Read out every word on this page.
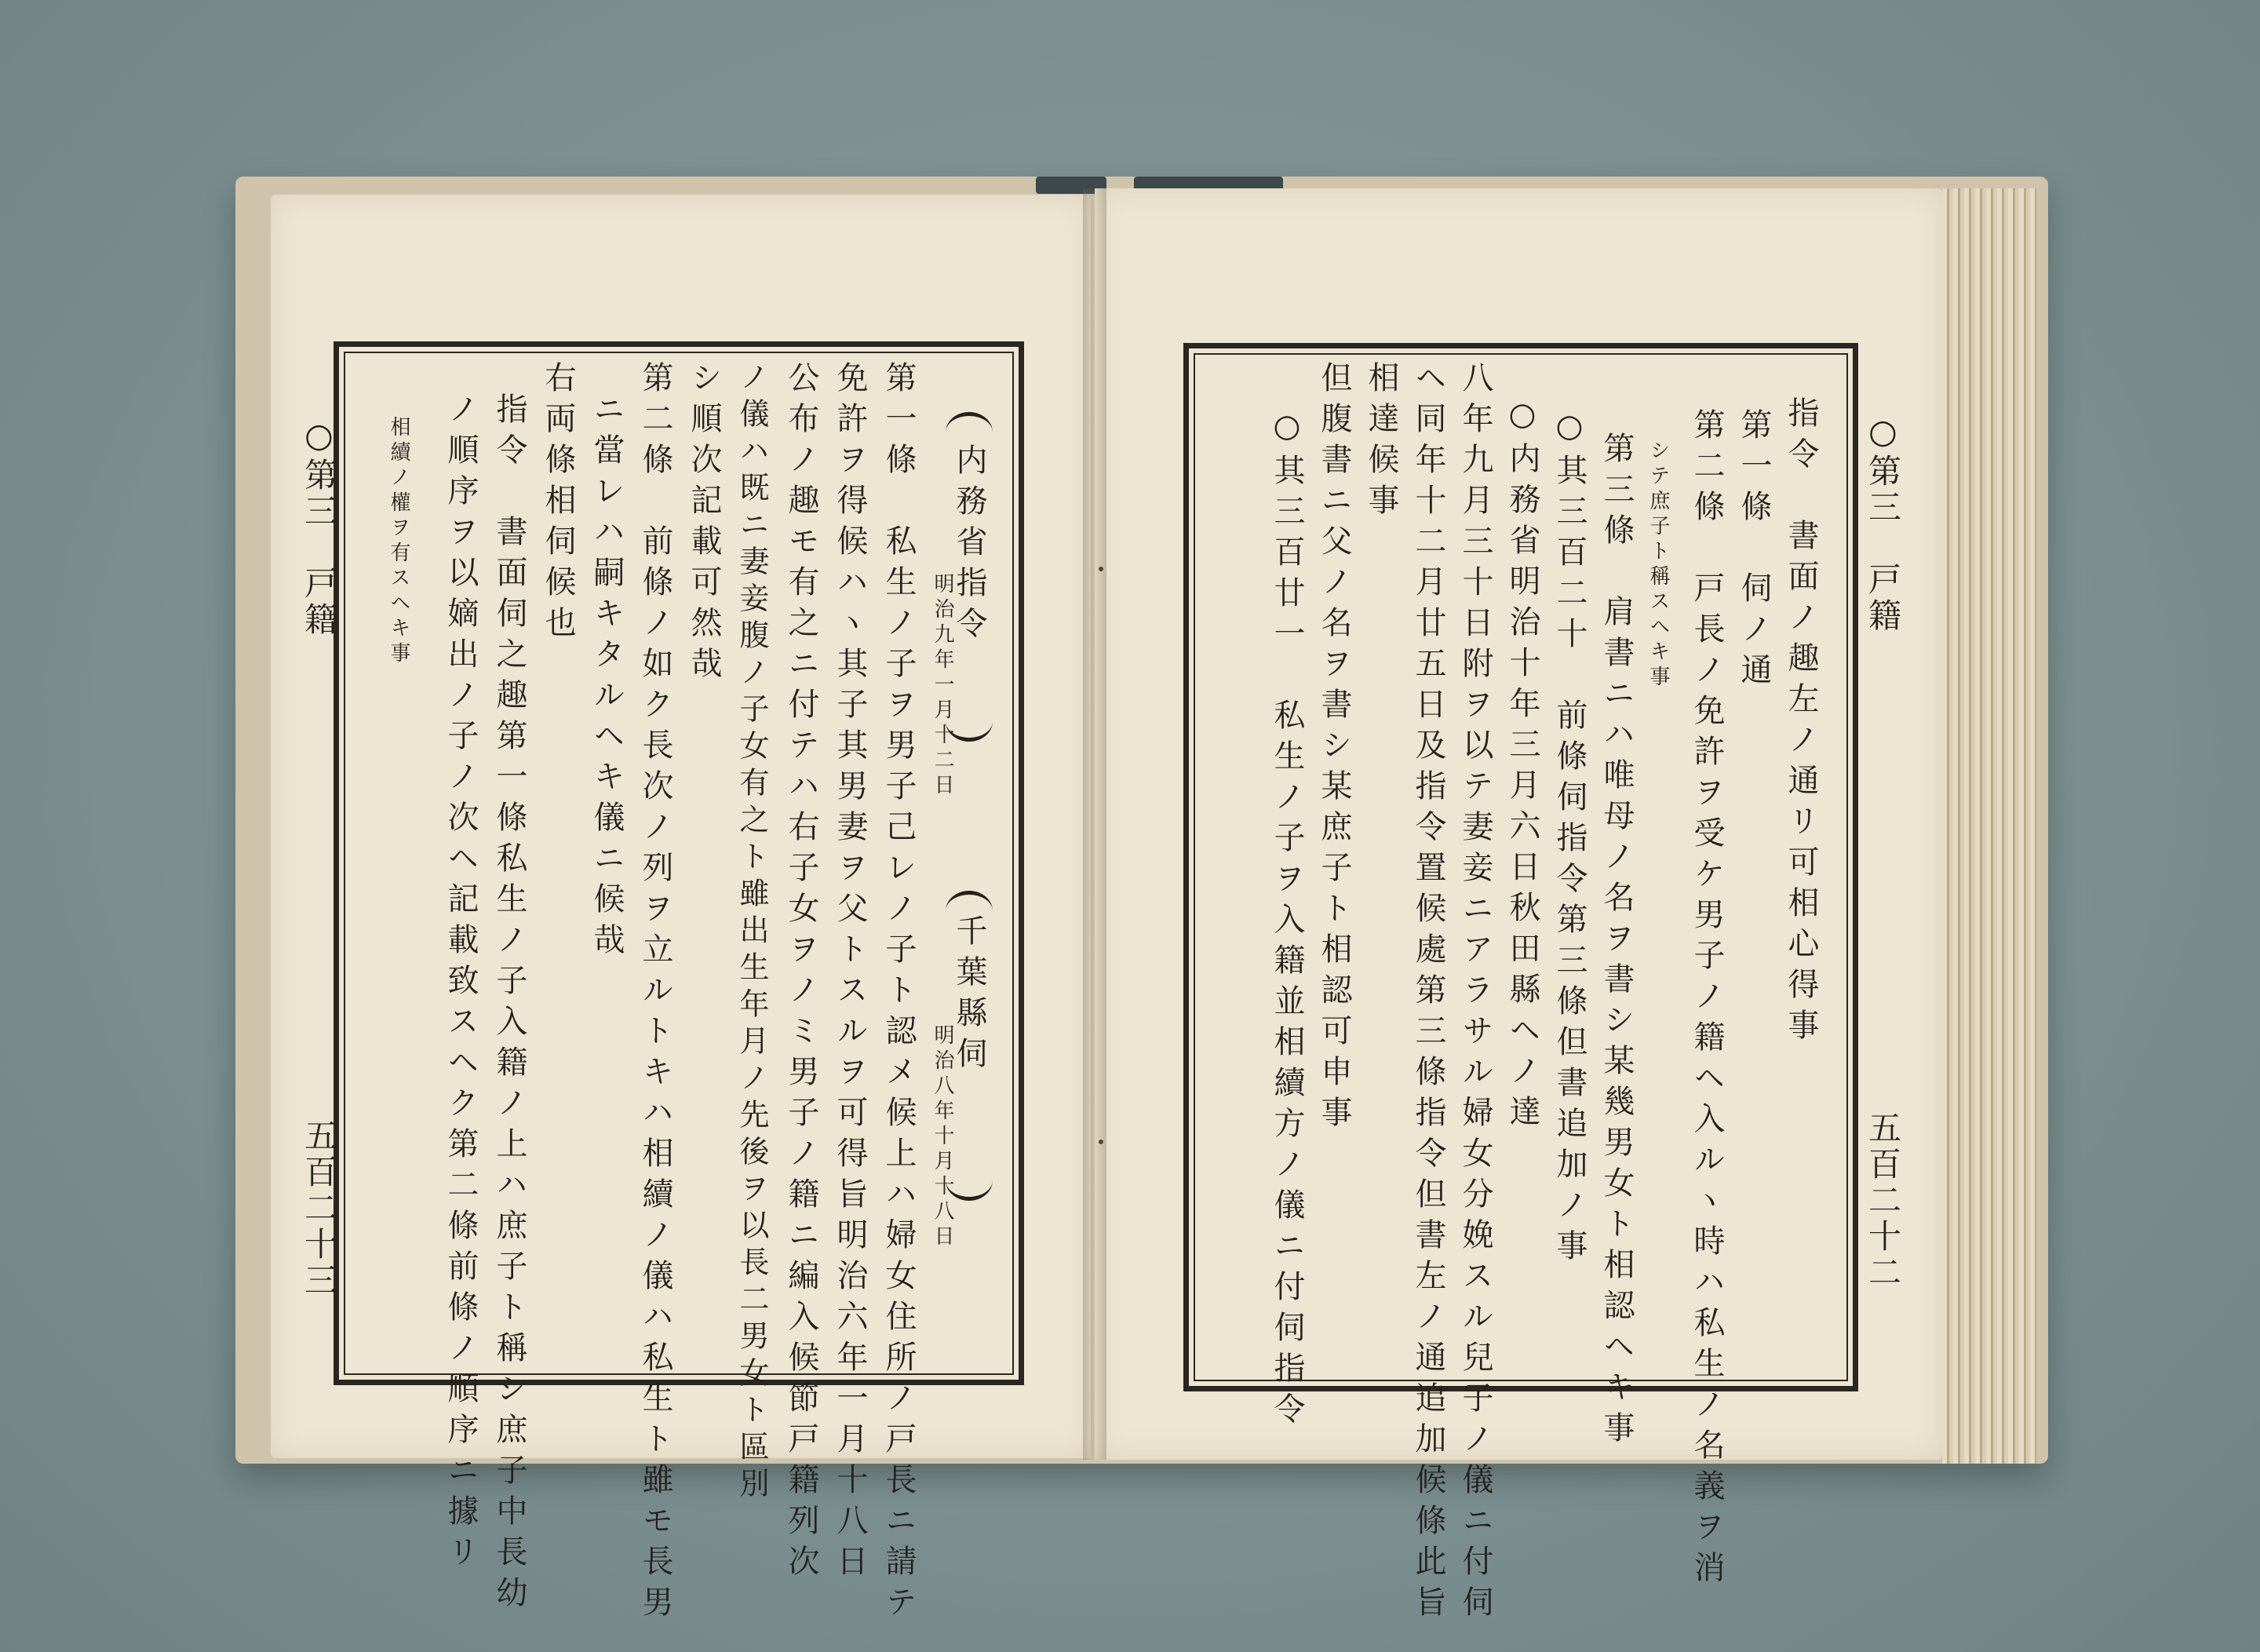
○第三　戸籍
五百二十三
内務省指令
明治九年一月十二日
第一條　私生ノ子ヲ男子己レノ子ト認メ候上ハ婦女住所ノ戸長ニ請テ
免許ヲ得候ハヽ其子其男妻ヲ父トスルヲ可得旨明治六年一月十八日
公布ノ趣モ有之ニ付テハ右子女ヲノミ男子ノ籍ニ編入候節戸籍列次
ノ儀ハ既ニ妻妾腹ノ子女有之ト雖出生年月ノ先後ヲ以長二男女ト區別
シ順次記載可然哉
第二條　前條ノ如ク長次ノ列ヲ立ルトキハ相續ノ儀ハ私生ト雖モ長男
ニ當レハ嗣キタルヘキ儀ニ候哉
右両條相伺候也
千葉縣伺
明治八年十月十八日
指令　書面伺之趣第一條私生ノ子入籍ノ上ハ庶子ト稱シ庶子中長幼
ノ順序ヲ以嫡出ノ子ノ次ヘ記載致スヘク第二條前條ノ順序ニ據リ
相續ノ權ヲ有スヘキ事	○第三　戸籍
五百二十二
指令　書面ノ趣左ノ通リ可相心得事
第一條　伺ノ通
第二條　戸長ノ免許ヲ受ケ男子ノ籍ヘ入ルヽ時ハ私生ノ名義ヲ消
シテ庶子ト稱スヘキ事
第三條　肩書ニハ唯母ノ名ヲ書シ某幾男女ト相認ヘキ事
○其三百二十　前條伺指令第三條但書追加ノ事
○内務省明治十年三月六日秋田縣ヘノ達
八年九月三十日附ヲ以テ妻妾ニアラサル婦女分娩スル兒子ノ儀ニ付伺
ヘ同年十二月廿五日及指令置候處第三條指令但書左ノ通追加候條此旨
相達候事
但腹書ニ父ノ名ヲ書シ某庶子ト相認可申事
○其三百廿一　私生ノ子ヲ入籍並相續方ノ儀ニ付伺指令
